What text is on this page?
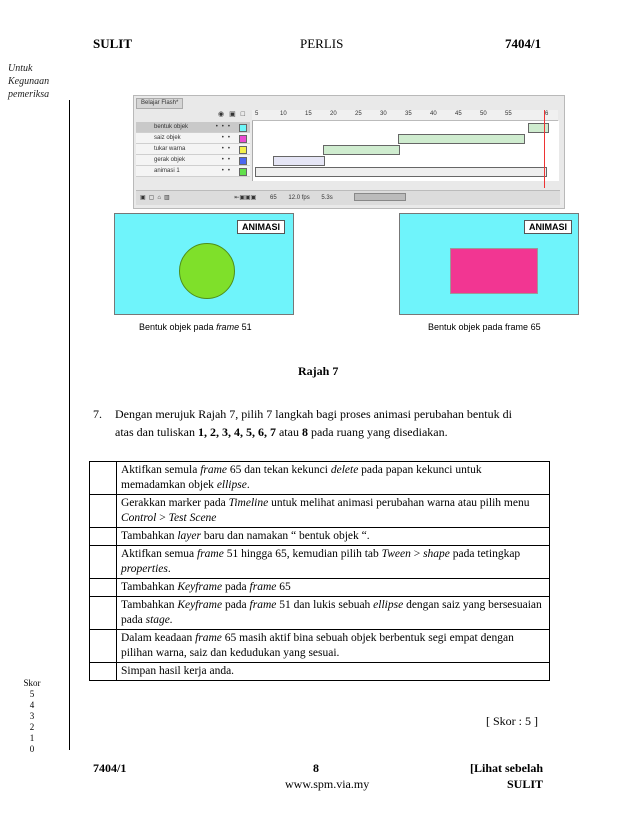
SULIT	PERLIS	7404/1
Untuk
Kegunaan
pemeriksa
Belajar Flash*
◉▣□ 5	10	15	20	25	30	35	40	45	50	55	6
bentuk objek	•••
saiz objek	••
tukar warna	••
gerak objek	••
animasi 1	••
▣▢⌂▥	⇤▣▣▣ 65 12.0 fps 5.3s
ANIMASI
Bentuk objek pada frame 51
ANIMASI
Bentuk objek pada frame 65
Rajah 7
7. Dengan merujuk Rajah 7, pilih 7 langkah bagi proses animasi perubahan bentuk di
atas dan tuliskan 1, 2, 3, 4, 5, 6, 7 atau 8 pada ruang yang disediakan.
	Aktifkan semula frame 65 dan tekan kekunci delete pada papan kekunci untuk memadamkan objek ellipse.
	Gerakkan marker pada Timeline untuk melihat animasi perubahan warna atau pilih menu Control > Test Scene
	Tambahkan layer baru dan namakan “ bentuk objek “.
	Aktifkan semua frame 51 hingga 65, kemudian pilih tab Tween > shape pada tetingkap properties.
	Tambahkan Keyframe pada frame 65
	Tambahkan Keyframe pada frame 51 dan lukis sebuah ellipse dengan saiz yang bersesuaian pada stage.
	Dalam keadaan frame 65 masih aktif bina sebuah objek berbentuk segi empat dengan pilihan warna, saiz dan kedudukan yang sesuai.
	Simpan hasil kerja anda.
[ Skor : 5 ]
Skor
5
4
3
2
1
0
7404/1	8
www.spm.via.my
[Lihat sebelah
SULIT
